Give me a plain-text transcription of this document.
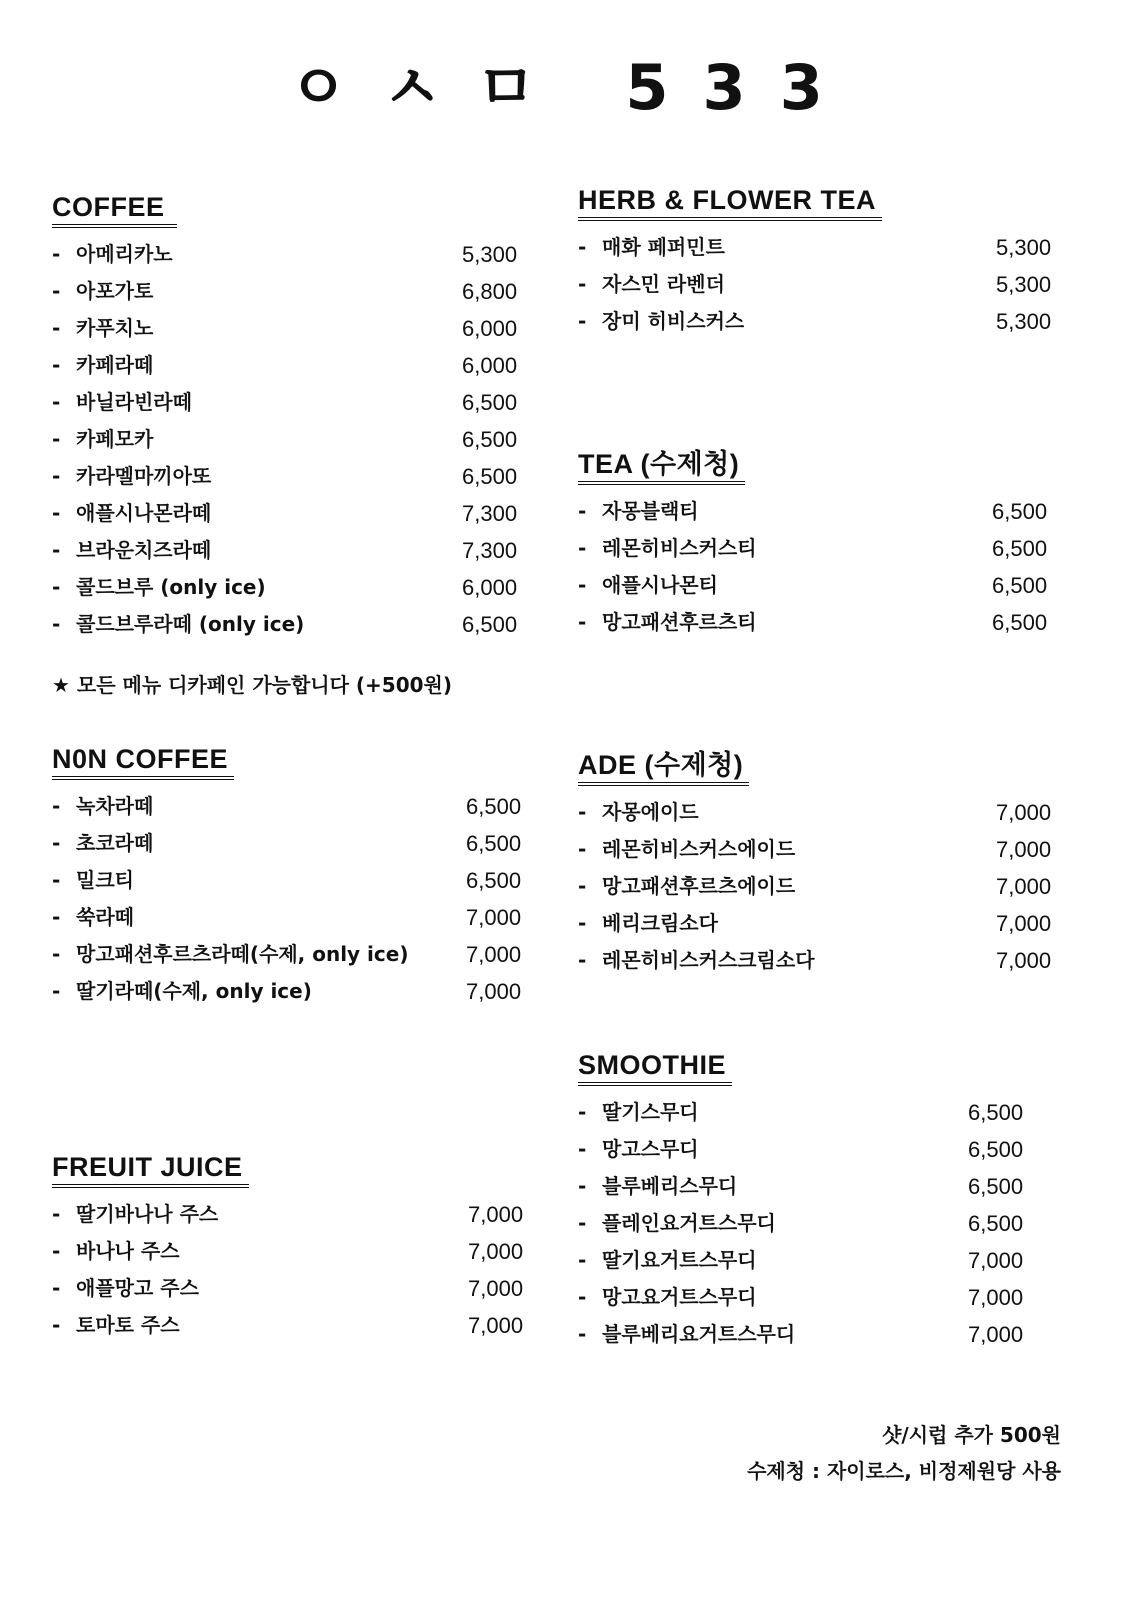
ㅇㅅㅁ 533
COFFEE
- 아메리카노	5,300
- 아포가토	6,800
- 카푸치노	6,000
- 카페라떼	6,000
- 바닐라빈라떼	6,500
- 카페모카	6,500
- 카라멜마끼아또	6,500
- 애플시나몬라떼	7,300
- 브라운치즈라떼	7,300
- 콜드브루 (only ice)	6,000
- 콜드브루라떼 (only ice)	6,500
★ 모든 메뉴 디카페인 가능합니다 (+500원)
N0N COFFEE
- 녹차라떼	6,500
- 초코라떼	6,500
- 밀크티	6,500
- 쑥라떼	7,000
- 망고패션후르츠라떼(수제, only ice)	7,000
- 딸기라떼(수제, only ice)	7,000
FREUIT JUICE
- 딸기바나나 주스	7,000
- 바나나 주스	7,000
- 애플망고 주스	7,000
- 토마토 주스	7,000
HERB & FLOWER TEA
- 매화 페퍼민트	5,300
- 자스민 라벤더	5,300
- 장미 히비스커스	5,300
TEA (수제청)
- 자몽블랙티	6,500
- 레몬히비스커스티	6,500
- 애플시나몬티	6,500
- 망고패션후르츠티	6,500
ADE (수제청)
- 자몽에이드	7,000
- 레몬히비스커스에이드	7,000
- 망고패션후르츠에이드	7,000
- 베리크림소다	7,000
- 레몬히비스커스크림소다	7,000
SMOOTHIE
- 딸기스무디	6,500
- 망고스무디	6,500
- 블루베리스무디	6,500
- 플레인요거트스무디	6,500
- 딸기요거트스무디	7,000
- 망고요거트스무디	7,000
- 블루베리요거트스무디	7,000
샷/시럽 추가 500원
수제청 : 자이로스, 비정제원당 사용
